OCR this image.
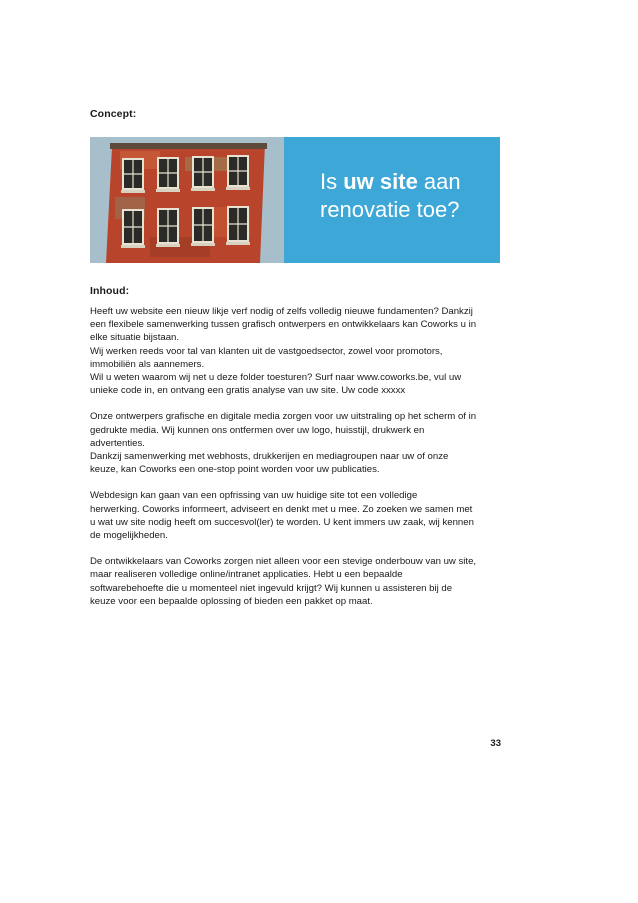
Concept:
Is uw site aan
renovatie toe?
Inhoud:

Heeft uw website een nieuw likje verf nodig of zelfs volledig nieuwe fundamenten? Dankzij
een flexibele samenwerking tussen grafisch ontwerpers en ontwikkelaars kan Coworks u in
elke situatie bijstaan.
Wij werken reeds voor tal van klanten uit de vastgoedsector, zowel voor promotors,
immobiliën als aannemers.
Wil u weten waarom wij net u deze folder toesturen? Surf naar www.coworks.be, vul uw
unieke code in, en ontvang een gratis analyse van uw site. Uw code xxxxx

Onze ontwerpers grafische en digitale media zorgen voor uw uitstraling op het scherm of in
gedrukte media. Wij kunnen ons ontfermen over uw logo, huisstijl, drukwerk en
advertenties.
Dankzij samenwerking met webhosts, drukkerijen en mediagroupen naar uw of onze
keuze, kan Coworks een one-stop point worden voor uw publicaties.

Webdesign kan gaan van een opfrissing van uw huidige site tot een volledige
herwerking. Coworks informeert, adviseert en denkt met u mee. Zo zoeken we samen met
u wat uw site nodig heeft om succesvol(ler) te worden. U kent immers uw zaak, wij kennen
de mogelijkheden.

De ontwikkelaars van Coworks zorgen niet alleen voor een stevige onderbouw van uw site,
maar realiseren volledige online/intranet applicaties. Hebt u een bepaalde
softwarebehoefte die u momenteel niet ingevuld krijgt? Wij kunnen u assisteren bij de
keuze voor een bepaalde oplossing of bieden een pakket op maat.

33
